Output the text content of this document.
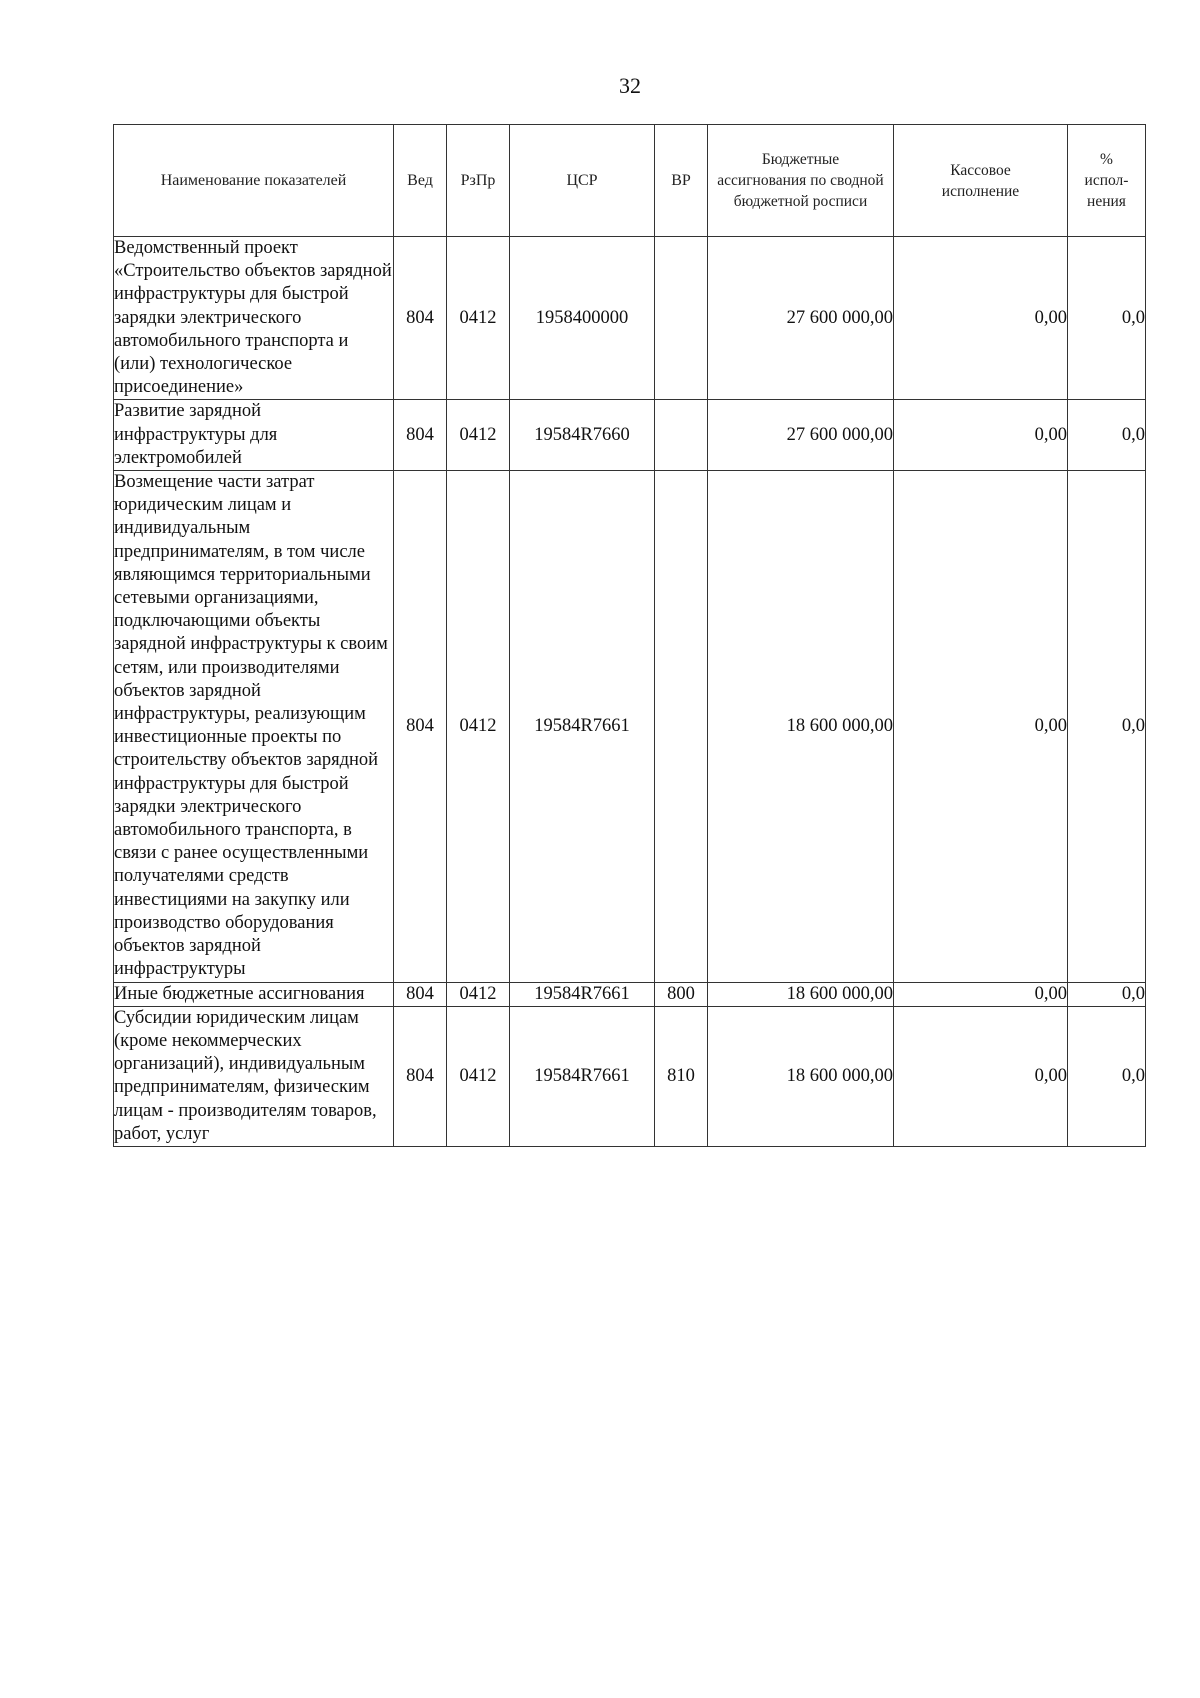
32
Наименование показателей	Вед	РзПр	ЦСР	ВР	Бюджетные ассигнования по сводной бюджетной росписи	Кассовое исполнение	% испол-нения
Ведомственный проект «Строительство объектов зарядной инфраструктуры для быстрой зарядки электрического автомобильного транспорта и (или) технологическое присоединение»	804	0412	1958400000		27 600 000,00	0,00	0,0
Развитие зарядной инфраструктуры для электромобилей	804	0412	19584R7660		27 600 000,00	0,00	0,0
Возмещение части затрат юридическим лицам и индивидуальным предпринимателям, в том числе являющимся территориальными сетевыми организациями, подключающими объекты зарядной инфраструктуры к своим сетям, или производителями объектов зарядной инфраструктуры, реализующим инвестиционные проекты по строительству объектов зарядной инфраструктуры для быстрой зарядки электрического автомобильного транспорта, в связи с ранее осуществленными получателями средств инвестициями на закупку или производство оборудования объектов зарядной инфраструктуры	804	0412	19584R7661		18 600 000,00	0,00	0,0
Иные бюджетные ассигнования	804	0412	19584R7661	800	18 600 000,00	0,00	0,0
Субсидии юридическим лицам (кроме некоммерческих организаций), индивидуальным предпринимателям, физическим лицам - производителям товаров, работ, услуг	804	0412	19584R7661	810	18 600 000,00	0,00	0,0
